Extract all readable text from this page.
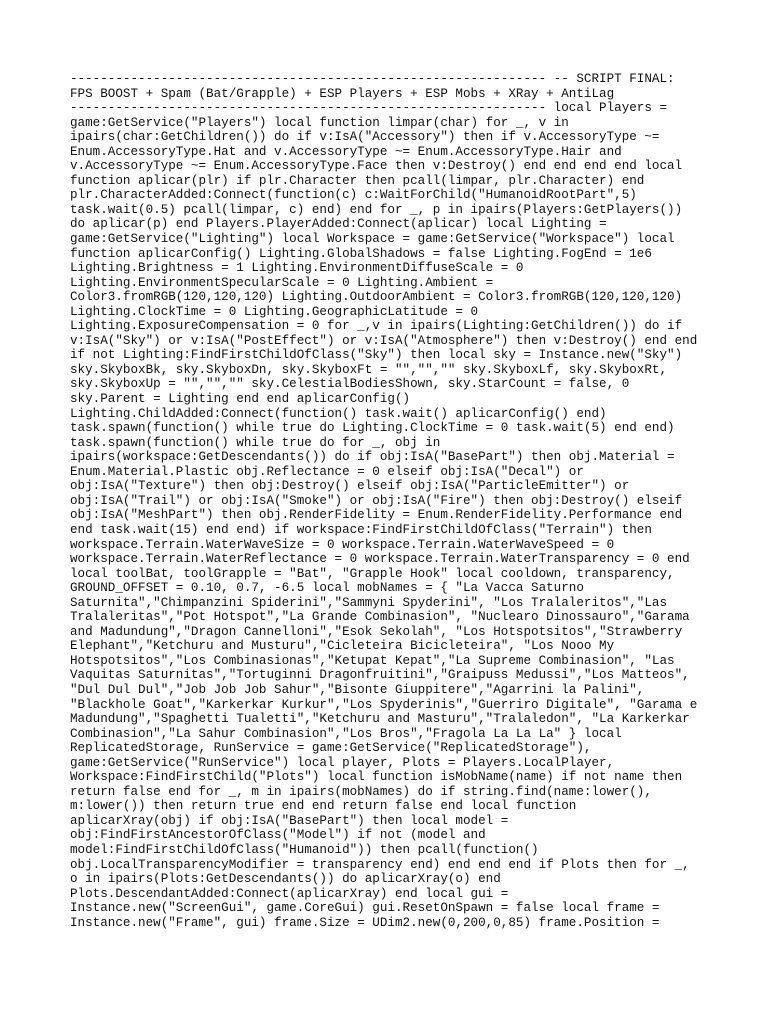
--------------------------------------------------------------- -- SCRIPT FINAL:
FPS BOOST + Spam (Bat/Grapple) + ESP Players + ESP Mobs + XRay + AntiLag
--------------------------------------------------------------- local Players =
game:GetService("Players") local function limpar(char) for _, v in
ipairs(char:GetChildren()) do if v:IsA("Accessory") then if v.AccessoryType ~=
Enum.AccessoryType.Hat and v.AccessoryType ~= Enum.AccessoryType.Hair and
v.AccessoryType ~= Enum.AccessoryType.Face then v:Destroy() end end end end local
function aplicar(plr) if plr.Character then pcall(limpar, plr.Character) end
plr.CharacterAdded:Connect(function(c) c:WaitForChild("HumanoidRootPart",5)
task.wait(0.5) pcall(limpar, c) end) end for _, p in ipairs(Players:GetPlayers())
do aplicar(p) end Players.PlayerAdded:Connect(aplicar) local Lighting =
game:GetService("Lighting") local Workspace = game:GetService("Workspace") local
function aplicarConfig() Lighting.GlobalShadows = false Lighting.FogEnd = 1e6
Lighting.Brightness = 1 Lighting.EnvironmentDiffuseScale = 0
Lighting.EnvironmentSpecularScale = 0 Lighting.Ambient =
Color3.fromRGB(120,120,120) Lighting.OutdoorAmbient = Color3.fromRGB(120,120,120)
Lighting.ClockTime = 0 Lighting.GeographicLatitude = 0
Lighting.ExposureCompensation = 0 for _,v in ipairs(Lighting:GetChildren()) do if
v:IsA("Sky") or v:IsA("PostEffect") or v:IsA("Atmosphere") then v:Destroy() end end
if not Lighting:FindFirstChildOfClass("Sky") then local sky = Instance.new("Sky")
sky.SkyboxBk, sky.SkyboxDn, sky.SkyboxFt = "","","" sky.SkyboxLf, sky.SkyboxRt,
sky.SkyboxUp = "","","" sky.CelestialBodiesShown, sky.StarCount = false, 0
sky.Parent = Lighting end end aplicarConfig()
Lighting.ChildAdded:Connect(function() task.wait() aplicarConfig() end)
task.spawn(function() while true do Lighting.ClockTime = 0 task.wait(5) end end)
task.spawn(function() while true do for _, obj in
ipairs(workspace:GetDescendants()) do if obj:IsA("BasePart") then obj.Material =
Enum.Material.Plastic obj.Reflectance = 0 elseif obj:IsA("Decal") or
obj:IsA("Texture") then obj:Destroy() elseif obj:IsA("ParticleEmitter") or
obj:IsA("Trail") or obj:IsA("Smoke") or obj:IsA("Fire") then obj:Destroy() elseif
obj:IsA("MeshPart") then obj.RenderFidelity = Enum.RenderFidelity.Performance end
end task.wait(15) end end) if workspace:FindFirstChildOfClass("Terrain") then
workspace.Terrain.WaterWaveSize = 0 workspace.Terrain.WaterWaveSpeed = 0
workspace.Terrain.WaterReflectance = 0 workspace.Terrain.WaterTransparency = 0 end
local toolBat, toolGrapple = "Bat", "Grapple Hook" local cooldown, transparency,
GROUND_OFFSET = 0.10, 0.7, -6.5 local mobNames = { "La Vacca Saturno
Saturnita","Chimpanzini Spiderini","Sammyni Spyderini", "Los Tralaleritos","Las
Tralaleritas","Pot Hotspot","La Grande Combinasion", "Nuclearo Dinossauro","Garama
and Madundung","Dragon Cannelloni","Esok Sekolah", "Los Hotspotsitos","Strawberry
Elephant","Ketchuru and Musturu","Cicleteira Bicicleteira", "Los Nooo My
Hotspotsitos","Los Combinasionas","Ketupat Kepat","La Supreme Combinasion", "Las
Vaquitas Saturnitas","Tortuginni Dragonfruitini","Graipuss Medussi","Los Matteos",
"Dul Dul Dul","Job Job Job Sahur","Bisonte Giuppitere","Agarrini la Palini",
"Blackhole Goat","Karkerkar Kurkur","Los Spyderinis","Guerriro Digitale", "Garama e
Madundung","Spaghetti Tualetti","Ketchuru and Masturu","Tralaledon", "La Karkerkar
Combinasion","La Sahur Combinasion","Los Bros","Fragola La La La" } local
ReplicatedStorage, RunService = game:GetService("ReplicatedStorage"),
game:GetService("RunService") local player, Plots = Players.LocalPlayer,
Workspace:FindFirstChild("Plots") local function isMobName(name) if not name then
return false end for _, m in ipairs(mobNames) do if string.find(name:lower(),
m:lower()) then return true end end return false end local function
aplicarXray(obj) if obj:IsA("BasePart") then local model =
obj:FindFirstAncestorOfClass("Model") if not (model and
model:FindFirstChildOfClass("Humanoid")) then pcall(function()
obj.LocalTransparencyModifier = transparency end) end end end if Plots then for _,
o in ipairs(Plots:GetDescendants()) do aplicarXray(o) end
Plots.DescendantAdded:Connect(aplicarXray) end local gui =
Instance.new("ScreenGui", game.CoreGui) gui.ResetOnSpawn = false local frame =
Instance.new("Frame", gui) frame.Size = UDim2.new(0,200,0,85) frame.Position =
